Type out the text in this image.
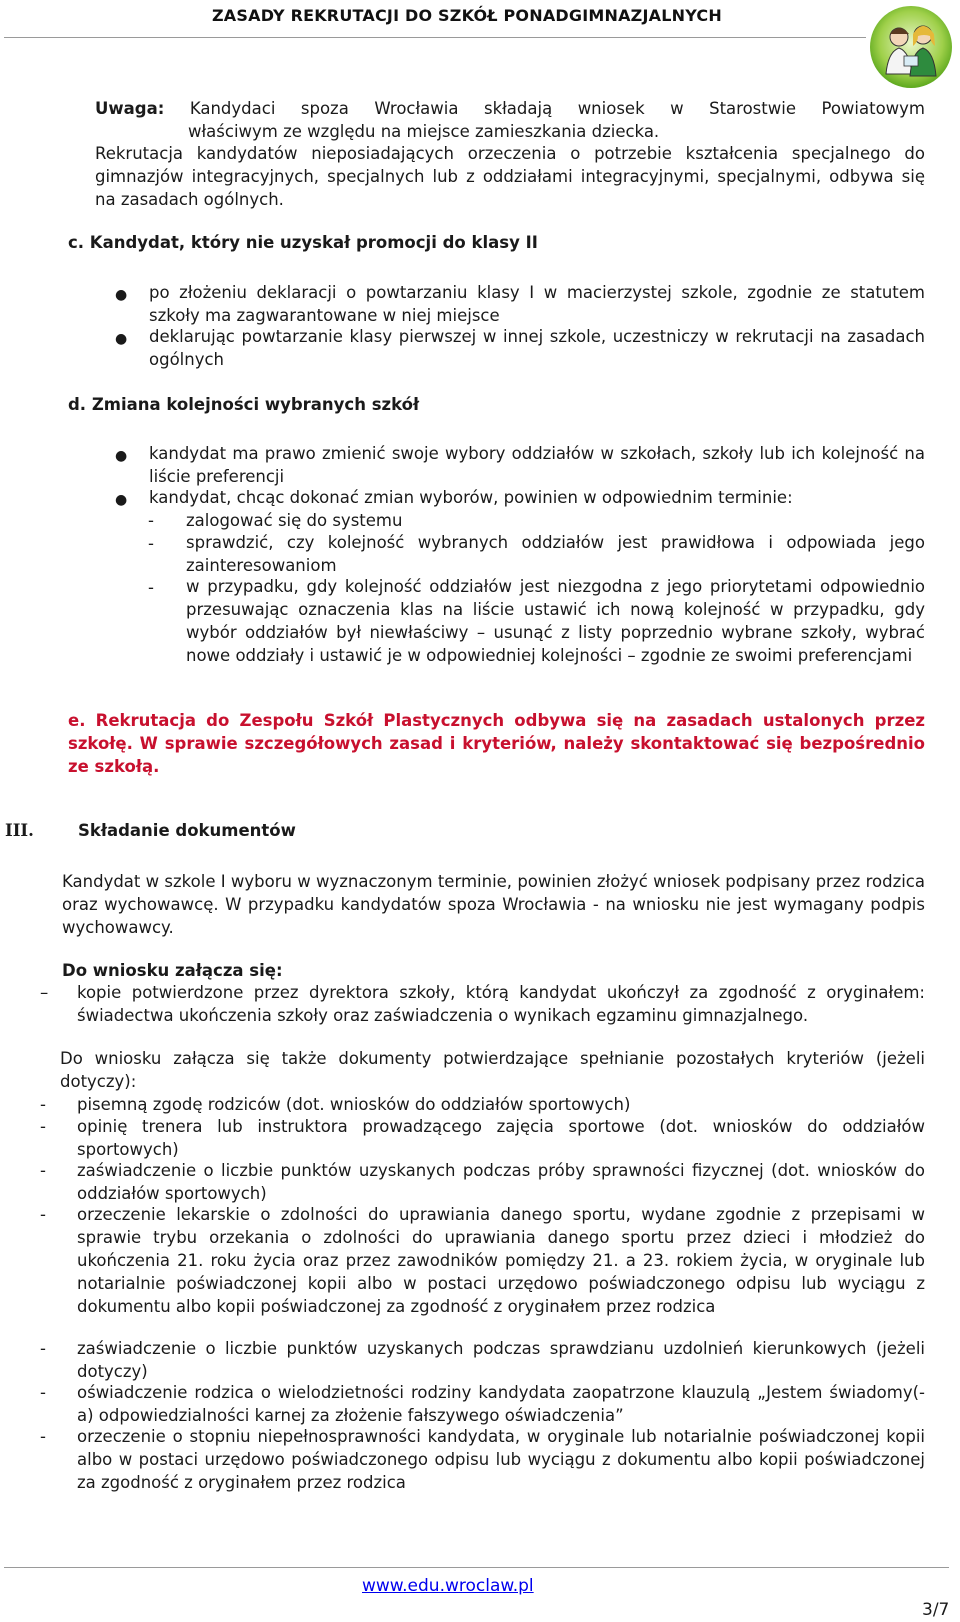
ZASADY REKRUTACJI DO SZKÓŁ PONADGIMNAZJALNYCH
Uwaga: Kandydaci spoza Wrocławia składają wniosek w Starostwie Powiatowym
właściwym ze względu na miejsce zamieszkania dziecka.

Rekrutacja kandydatów nieposiadających orzeczenia o potrzebie kształcenia specjalnego do gimnazjów integracyjnych, specjalnych lub z oddziałami integracyjnymi, specjalnymi, odbywa się na zasadach ogólnych.

c. Kandydat, który nie uzyskał promocji do klasy II
● po złożeniu deklaracji o powtarzaniu klasy I w macierzystej szkole, zgodnie ze statutem szkoły ma zagwarantowane w niej miejsce

● deklarując powtarzanie klasy pierwszej w innej szkole, uczestniczy w rekrutacji na zasadach ogólnych

d. Zmiana kolejności wybranych szkół
● kandydat ma prawo zmienić swoje wybory oddziałów w szkołach, szkoły lub ich kolejność na liście preferencji

● kandydat, chcąc dokonać zmian wyborów, powinien w odpowiednim terminie:

- zalogować się do systemu

- sprawdzić, czy kolejność wybranych oddziałów jest prawidłowa i odpowiada jego zainteresowaniom

- w przypadku, gdy kolejność oddziałów jest niezgodna z jego priorytetami odpowiednio przesuwając oznaczenia klas na liście ustawić ich nową kolejność w przypadku, gdy wybór oddziałów był niewłaściwy – usunąć z listy poprzednio wybrane szkoły, wybrać nowe oddziały i ustawić je w odpowiedniej kolejności – zgodnie ze swoimi preferencjami

e. Rekrutacja do Zespołu Szkół Plastycznych odbywa się na zasadach ustalonych przez szkołę. W sprawie szczegółowych zasad i kryteriów, należy skontaktować się bezpośrednio ze szkołą.

III.	Składanie dokumentów

Kandydat w szkole I wyboru w wyznaczonym terminie, powinien złożyć wniosek podpisany przez rodzica oraz wychowawcę. W przypadku kandydatów spoza Wrocławia - na wniosku nie jest wymagany podpis wychowawcy.

Do wniosku załącza się:
– kopie potwierdzone przez dyrektora szkoły, którą kandydat ukończył za zgodność z oryginałem: świadectwa ukończenia szkoły oraz zaświadczenia o wynikach egzaminu gimnazjalnego.

Do wniosku załącza się także dokumenty potwierdzające spełnianie pozostałych kryteriów (jeżeli dotyczy):

- pisemną zgodę rodziców (dot. wniosków do oddziałów sportowych)

- opinię trenera lub instruktora prowadzącego zajęcia sportowe (dot. wniosków do oddziałów sportowych)

- zaświadczenie o liczbie punktów uzyskanych podczas próby sprawności fizycznej (dot. wniosków do oddziałów sportowych)

- orzeczenie lekarskie o zdolności do uprawiania danego sportu, wydane zgodnie z przepisami w sprawie trybu orzekania o zdolności do uprawiania danego sportu przez dzieci i młodzież do ukończenia 21. roku życia oraz przez zawodników pomiędzy 21. a 23. rokiem życia, w oryginale lub notarialnie poświadczonej kopii albo w postaci urzędowo poświadczonego odpisu lub wyciągu z dokumentu albo kopii poświadczonej za zgodność z oryginałem przez rodzica

- zaświadczenie o liczbie punktów uzyskanych podczas sprawdzianu uzdolnień kierunkowych (jeżeli dotyczy)

- oświadczenie rodzica o wielodzietności rodziny kandydata zaopatrzone klauzulą „Jestem świadomy(-a) odpowiedzialności karnej za złożenie fałszywego oświadczenia”

- orzeczenie o stopniu niepełnosprawności kandydata, w oryginale lub notarialnie poświadczonej kopii albo w postaci urzędowo poświadczonego odpisu lub wyciągu z dokumentu albo kopii poświadczonej za zgodność z oryginałem przez rodzica

www.edu.wroclaw.pl
3/7
